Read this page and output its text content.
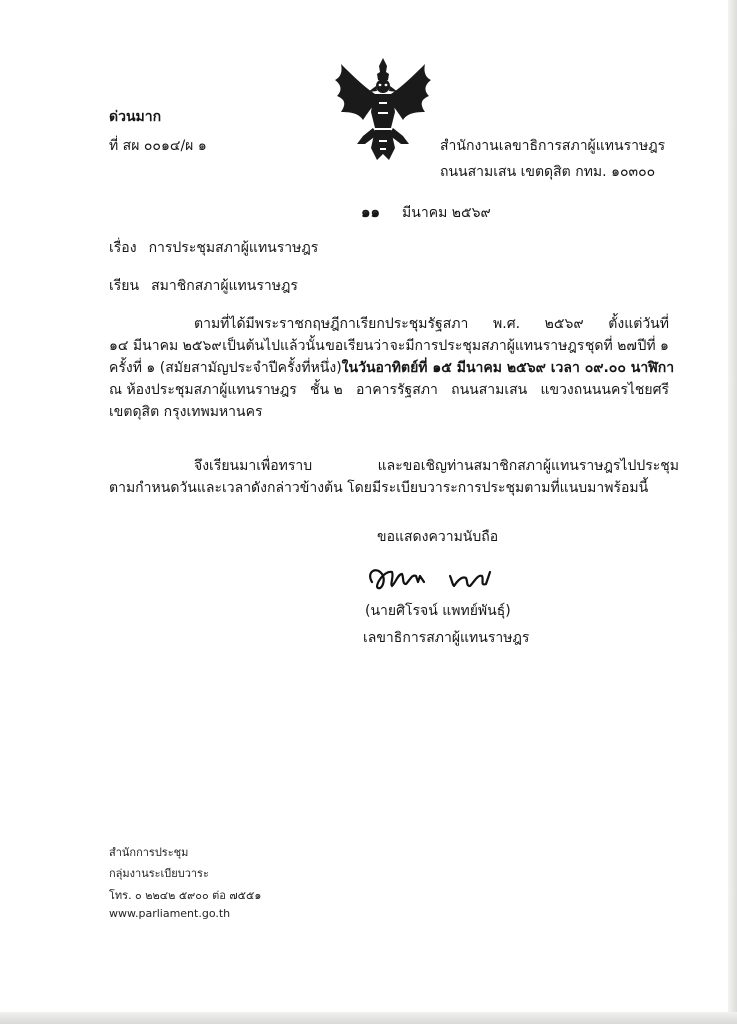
ด่วนมาก
ที่ สผ ๐๐๑๔/ผ ๑	สำนักงานเลขาธิการสภาผู้แทนราษฎร
ถนนสามเสน เขตดุสิต กทม. ๑๐๓๐๐
๑๑ มีนาคม ๒๕๖๙
เรื่อง การประชุมสภาผู้แทนราษฎร
เรียน สมาชิกสภาผู้แทนราษฎร
ตามที่ได้มีพระราชกฤษฎีกาเรียกประชุมรัฐสภา พ.ศ. ๒๕๖๙ ตั้งแต่วันที่
๑๔ มีนาคม ๒๕๖๙ เป็นต้นไปแล้วนั้น ขอเรียนว่า จะมีการประชุมสภาผู้แทนราษฎร ชุดที่ ๒๗ ปีที่ ๑
ครั้งที่ ๑ (สมัยสามัญประจำปีครั้งที่หนึ่ง) ในวันอาทิตย์ที่ ๑๕ มีนาคม ๒๕๖๙ เวลา ๐๙.๐๐ นาฬิกา
ณ ห้องประชุมสภาผู้แทนราษฎร ชั้น ๒ อาคารรัฐสภา ถนนสามเสน แขวงถนนนครไชยศรี
เขตดุสิต กรุงเทพมหานคร
จึงเรียนมาเพื่อทราบ	และขอเชิญท่านสมาชิกสภาผู้แทนราษฎรไปประชุม
ตามกำหนดวันและเวลาดังกล่าวข้างต้น โดยมีระเบียบวาระการประชุมตามที่แนบมาพร้อมนี้
ขอแสดงความนับถือ
(นายศิโรจน์ แพทย์พันธุ์)
เลขาธิการสภาผู้แทนราษฎร
สำนักการประชุม
กลุ่มงานระเบียบวาระ
โทร. ๐ ๒๒๔๒ ๕๙๐๐ ต่อ ๗๕๕๑
www.parliament.go.th
